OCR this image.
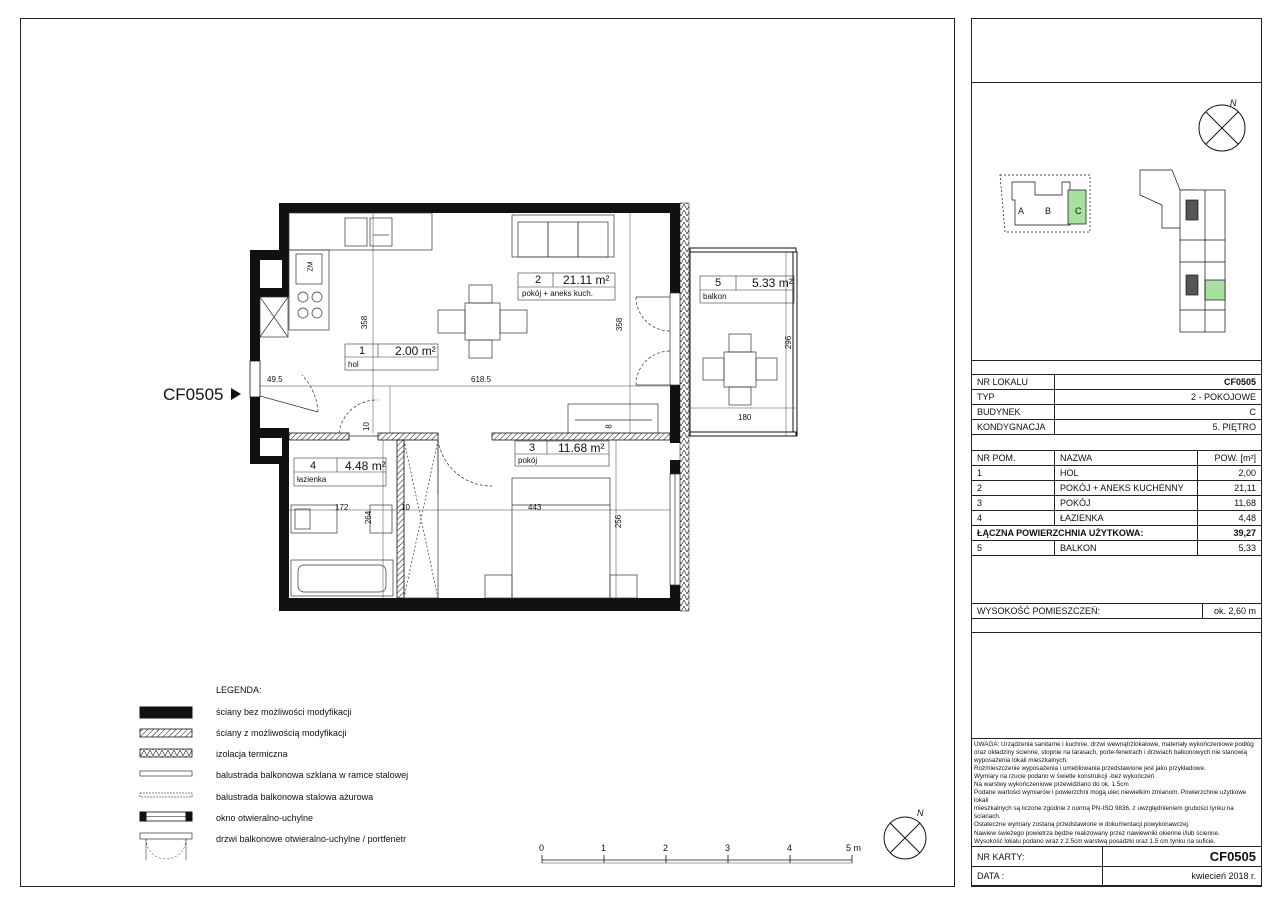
CF0505
2 21.11 m²
pokój + aneks kuch.
1 2.00 m²
hol
3 11.68 m²
pokój
4 4.48 m²
łazienka
5	5.33 m²
balkon
ZM
358	358
296
49.5	618.5
180
10	8
172
264
10	443
256
N
N
A B	C
0	1	2	3	4	5 m
LEGENDA:
ściany bez możliwości modyfikacji
ściany z możliwością modyfikacji
izolacja termiczna
balustrada balkonowa szklana w ramce stalowej
balustrada balkonowa stalowa ażurowa
okno otwieralno-uchylne
drzwi balkonowe otwieralno-uchylne / portfenetr
NR LOKALU	CF0505
TYP	2 - POKOJOWE
BUDYNEK	C
KONDYGNACJA	5. PIĘTRO
NR POM.	NAZWA	POW. [m²]
1	HOL	2,00
2	POKÓJ + ANEKS KUCHENNY	21,11
3	POKÓJ	11,68
4	ŁAZIENKA	4,48
ŁĄCZNA POWIERZCHNIA UŻYTKOWA:		39,27
5	BALKON	5,33
WYSOKOŚĆ POMIESZCZEŃ:	ok. 2,60 m
UWAGA: Urządzenia sanitarne i kuchnie, drzwi wewnątrzlokalowe, materiały wykończeniowe podłóg
oraz okładziny ścienne, stopnie na tarasach, porte-fenetrach i drzwiach balkonowych nie stanowią
wyposażenia lokali mieszkalnych.
Rozmieszczenie wyposażenia i umeblowania przedstawione jest jako przykładowe.
Wymiary na rzucie podano w świetle konstrukcji -bez wykończeń.
Na warstwy wykończeniowe przewidziano do ok. 1.5cm
Podane wartości wymiarów i powierzchni mogą ulec niewielkim zmianom. Powierzchnie użytkowe lokali
mieszkalnych są liczone zgodnie z normą PN-ISO 9836, z uwzględnieniem grubości tynku na ścianach.
Ostateczne wymiary zostaną przedstawione w dokumentacji powykonawczej.
Nawiew świeżego powietrza będzie realizowany przez nawiewniki okienne i/lub ścienne.
Wysokość lokalu podano wraz z 2.5cm warstwą posadzki oraz 1.5 cm tynku na suficie.
NR KARTY:	CF0505
DATA :	kwiecień 2018 r.
